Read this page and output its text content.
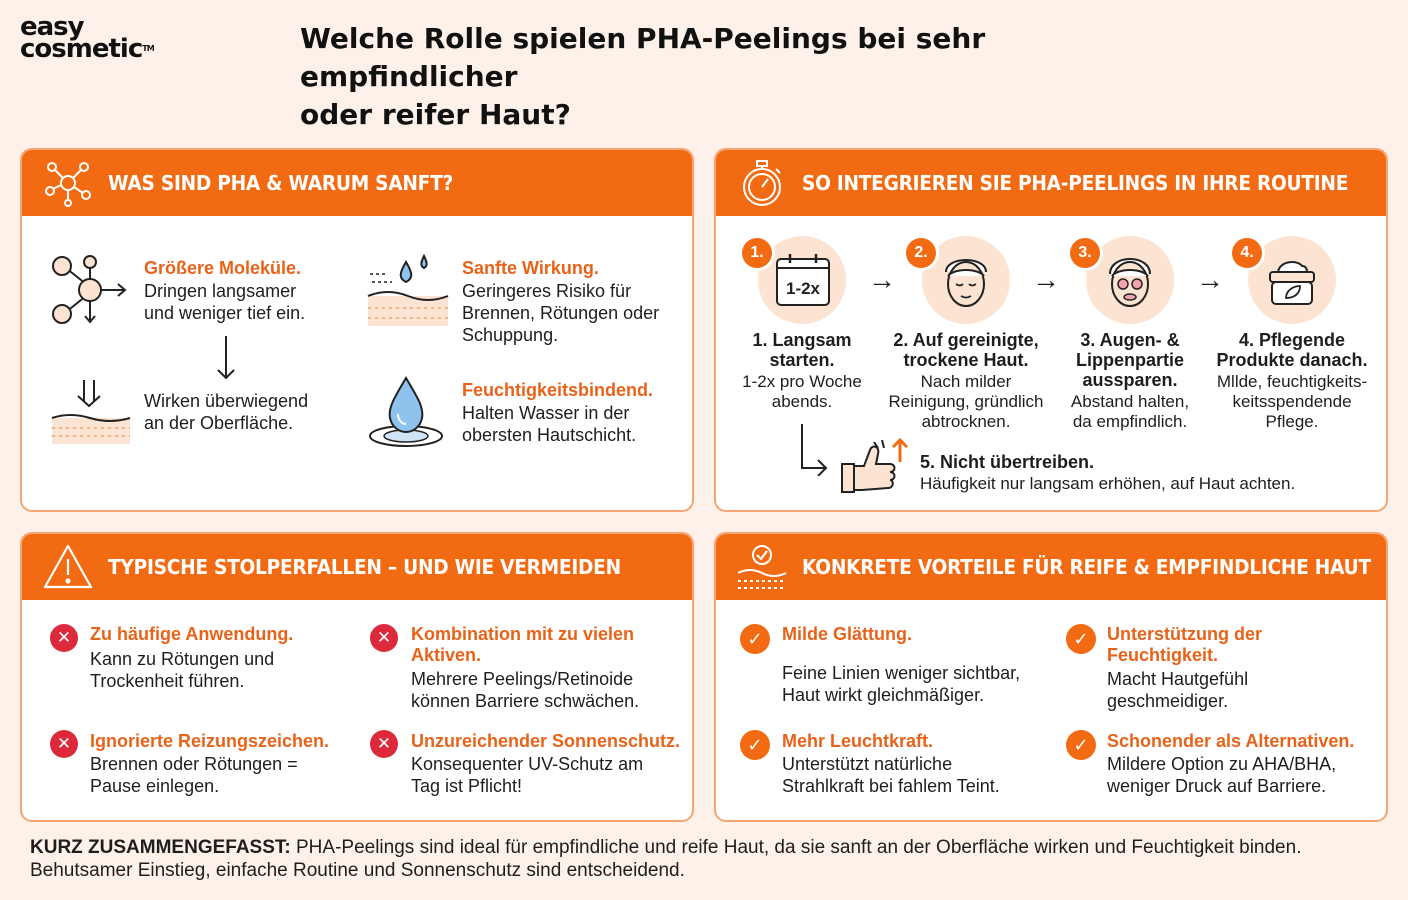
easy
cosmetic™	Welche Rolle spielen PHA-Peelings bei sehr empfindlicher
oder reifer Haut?
WAS SIND PHA & WARUM SANFT?
Größere Moleküle.
Dringen langsamer
und weniger tief ein.
Wirken überwiegend
an der Oberfläche.
Sanfte Wirkung.
Geringeres Risiko für
Brennen, Rötungen oder
Schuppung.
Feuchtigkeitsbindend.
Halten Wasser in der
obersten Hautschicht.
SO INTEGRIEREN SIE PHA-PEELINGS IN IHRE ROUTINE
1-2x
1.
1. Langsam
starten.
1-2x pro Woche
abends.
→
2.
2. Auf gereinigte,
trockene Haut.
Nach milder
Reinigung, gründlich
abtrocknen.
→
3.
3. Augen- &
Lippenpartie
aussparen.
Abstand halten,
da empfindlich.
→
4.
4. Pflegende
Produkte danach.
Mllde, feuchtigkeits-
keitsspendende
Pflege.
5. Nicht übertreiben.
Häufigkeit nur langsam erhöhen, auf Haut achten.
TYPISCHE STOLPERFALLEN – UND WIE VERMEIDEN
✕	Zu häufige Anwendung.
Kann zu Rötungen und
Trockenheit führen.
✕	Kombination mit zu vielen
Aktiven.
Mehrere Peelings/Retinoide
können Barriere schwächen.
✕	Ignorierte Reizungszeichen.
Brennen oder Rötungen =
Pause einlegen.
✕	Unzureichender Sonnenschutz.
Konsequenter UV-Schutz am
Tag ist Pflicht!
KONKRETE VORTEILE FÜR REIFE & EMPFINDLICHE HAUT
✓	Milde Glättung.
Feine Linien weniger sichtbar,
Haut wirkt gleichmäßiger.
✓	Unterstützung der
Feuchtigkeit.
Macht Hautgefühl
geschmeidiger.
✓	Mehr Leuchtkraft.
Unterstützt natürliche
Strahlkraft bei fahlem Teint.
✓	Schonender als Alternativen.
Mildere Option zu AHA/BHA,
weniger Druck auf Barriere.

KURZ ZUSAMMENGEFASST: PHA-Peelings sind ideal für empfindliche und reife Haut, da sie sanft an der Oberfläche wirken und Feuchtigkeit binden. Behutsamer Einstieg, einfache Routine und Sonnenschutz sind entscheidend.
